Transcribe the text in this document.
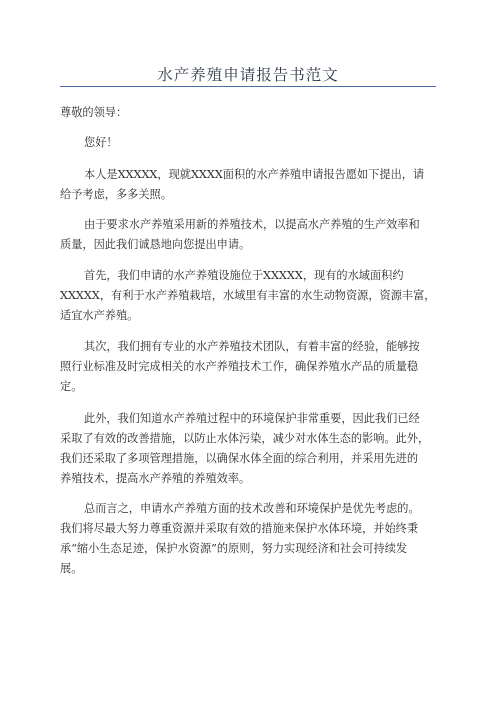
水产养殖申请报告书范文
尊敬的领导：
您好！
本人是XXXXX，现就XXXX面积的水产养殖申请报告愿如下提出，请
给予考虑，多多关照。
由于要求水产养殖采用新的养殖技术，以提高水产养殖的生产效率和
质量，因此我们诚恳地向您提出申请。
首先，我们申请的水产养殖设施位于XXXXX，现有的水域面积约
XXXXX，有利于水产养殖栽培，水域里有丰富的水生动物资源，资源丰富，
适宜水产养殖。
其次，我们拥有专业的水产养殖技术团队，有着丰富的经验，能够按
照行业标准及时完成相关的水产养殖技术工作，确保养殖水产品的质量稳
定。
此外，我们知道水产养殖过程中的环境保护非常重要，因此我们已经
采取了有效的改善措施，以防止水体污染，减少对水体生态的影响。此外，
我们还采取了多项管理措施，以确保水体全面的综合利用，并采用先进的
养殖技术，提高水产养殖的养殖效率。
总而言之，申请水产养殖方面的技术改善和环境保护是优先考虑的。
我们将尽最大努力尊重资源并采取有效的措施来保护水体环境，并始终秉
承“缩小生态足迹，保护水资源”的原则，努力实现经济和社会可持续发
展。
